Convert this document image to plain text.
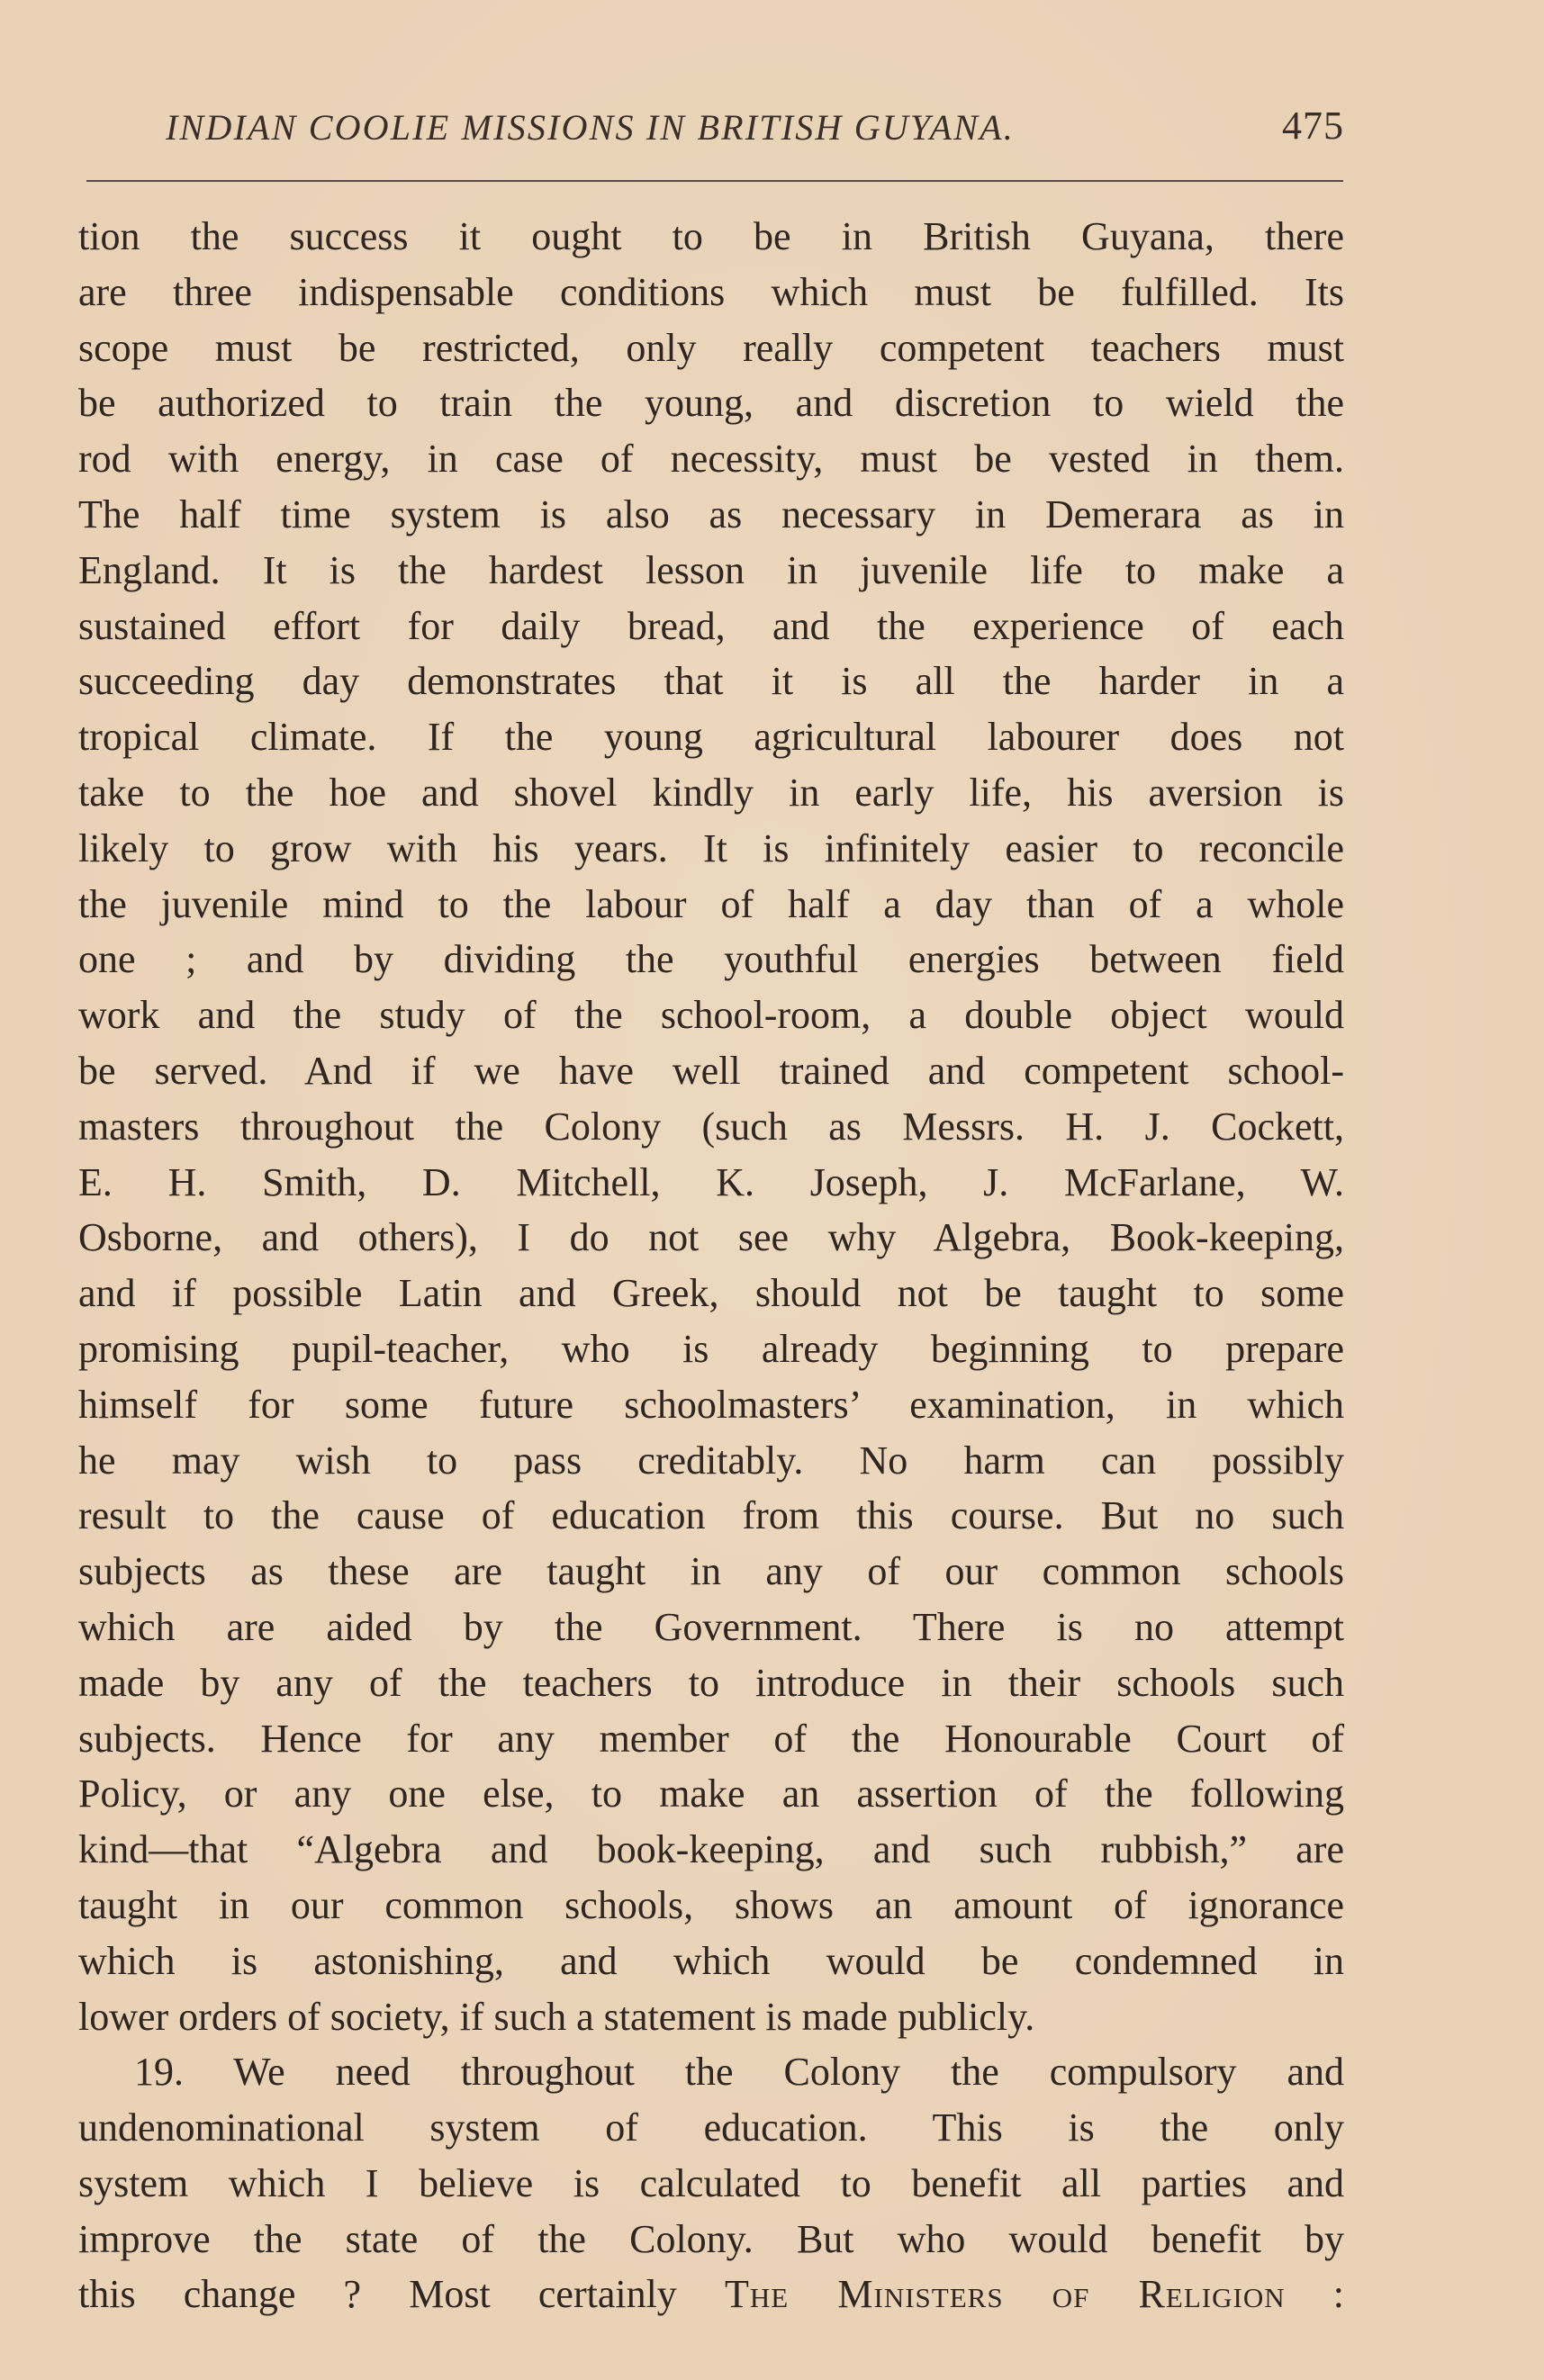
INDIAN COOLIE MISSIONS IN BRITISH GUYANA.	475
tion the success it ought to be in British Guyana, there
are three indispensable conditions which must be fulfilled. Its
scope must be restricted, only really competent teachers must
be authorized to train the young, and discretion to wield the
rod with energy, in case of necessity, must be vested in them.
The half time system is also as necessary in Demerara as in
England. It is the hardest lesson in juvenile life to make a
sustained effort for daily bread, and the experience of each
succeeding day demonstrates that it is all the harder in a
tropical climate. If the young agricultural labourer does not
take to the hoe and shovel kindly in early life, his aversion is
likely to grow with his years. It is infinitely easier to reconcile
the juvenile mind to the labour of half a day than of a whole
one ; and by dividing the youthful energies between field
work and the study of the school-room, a double object would
be served. And if we have well trained and competent school-
masters throughout the Colony (such as Messrs. H. J. Cockett,
E. H. Smith, D. Mitchell, K. Joseph, J. McFarlane, W.
Osborne, and others), I do not see why Algebra, Book-keeping,
and if possible Latin and Greek, should not be taught to some
promising pupil-teacher, who is already beginning to prepare
himself for some future schoolmasters’ examination, in which
he may wish to pass creditably. No harm can possibly
result to the cause of education from this course. But no such
subjects as these are taught in any of our common schools
which are aided by the Government. There is no attempt
made by any of the teachers to introduce in their schools such
subjects. Hence for any member of the Honourable Court of
Policy, or any one else, to make an assertion of the following
kind—that “Algebra and book-keeping, and such rubbish,” are
taught in our common schools, shows an amount of ignorance
which is astonishing, and which would be condemned in
lower orders of society, if such a statement is made publicly.
19. We need throughout the Colony the compulsory and
undenominational system of education. This is the only
system which I believe is calculated to benefit all parties and
improve the state of the Colony. But who would benefit by
this change ? Most certainly The Ministers of Religion :
